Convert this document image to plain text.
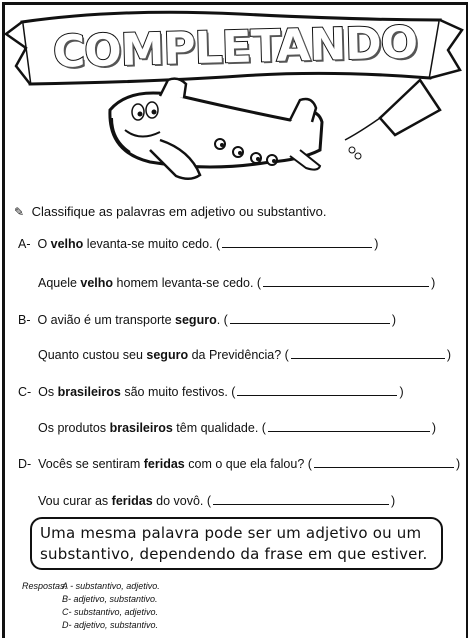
COMPLETANDO
✎ Classifique as palavras em adjetivo ou substantivo.
A- O velho levanta-se muito cedo. (	)
Aquele velho homem levanta-se cedo. (	)
B- O avião é um transporte seguro. (	)
Quanto custou seu seguro da Previdência? (	)
C- Os brasileiros são muito festivos. (	)
Os produtos brasileiros têm qualidade. (	)
D- Vocês se sentiram feridas com o que ela falou? (	)
Vou curar as feridas do vovô. (	)
Uma mesma palavra pode ser um adjetivo ou um substantivo, dependendo da frase em que estiver.
Respostas:A - substantivo, adjetivo.
B- adjetivo, substantivo.
C- substantivo, adjetivo.
D- adjetivo, substantivo.
